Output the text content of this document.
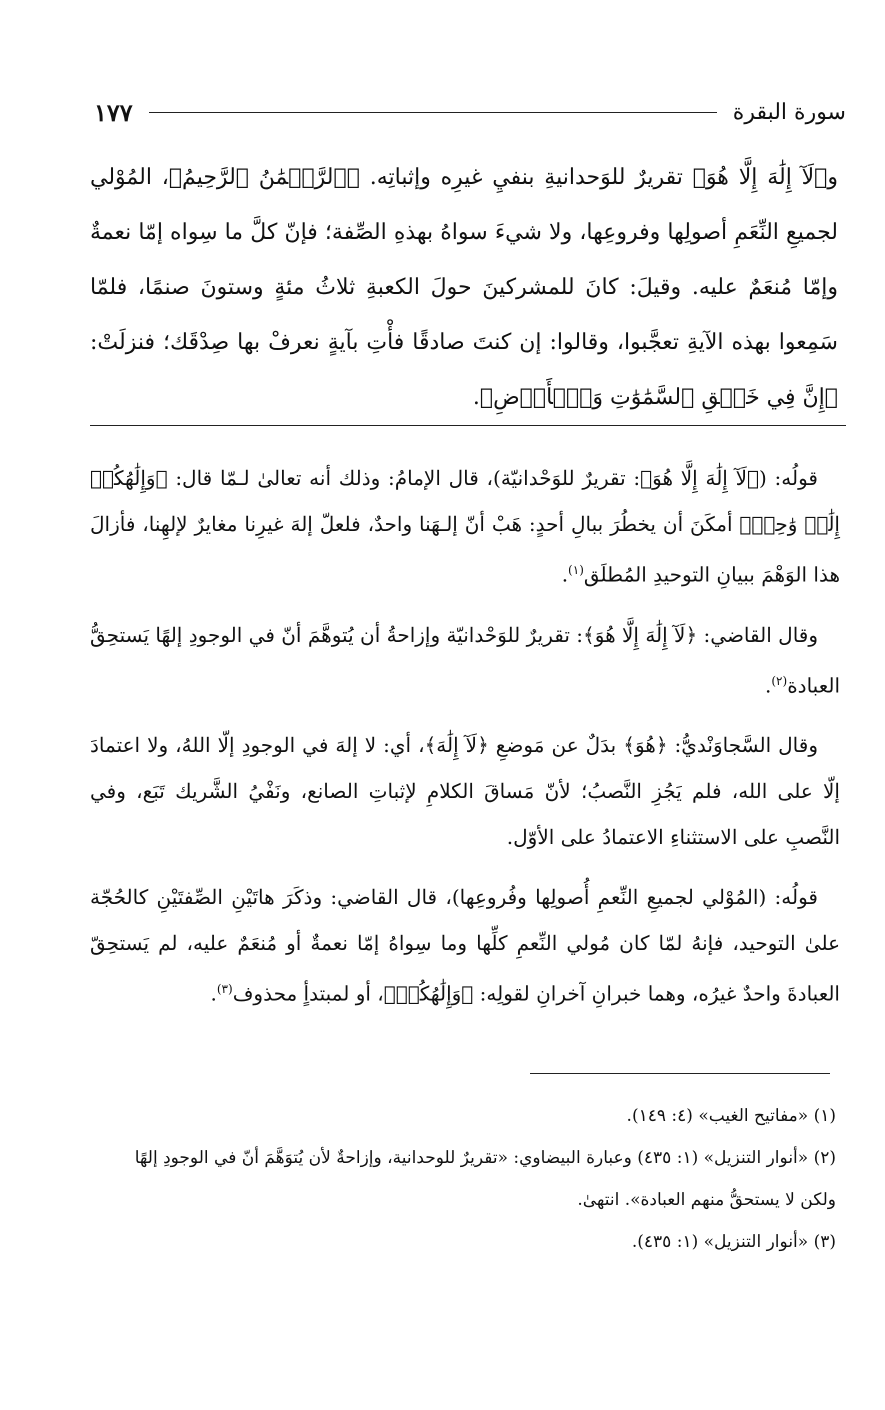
سورة البقرة
١٧٧

و﴿لَآ إِلَٰهَ إِلَّا هُوَ﴾ تقريرٌ للوَحدانيةِ بنفيِ غيرِه وإثباتِه. ﴿ٱلرَّحۡمَٰنُ ٱلرَّحِيمُ﴾، المُوْلي لجميعِ النِّعَمِ أصولِها وفروعِها، ولا شيءَ سواهُ بهذهِ الصِّفة؛ فإنّ كلَّ ما سِواه إمّا نعمةٌ وإمّا مُنعَمٌ عليه. وقيلَ: كانَ للمشركينَ حولَ الكعبةِ ثلاثُ مئةٍ وستونَ صنمًا، فلمّا سَمِعوا بهذه الآيةِ تعجَّبوا، وقالوا: إن كنتَ صادقًا فأْتِ بآيةٍ نعرفْ بها صِدْقَك؛ فنزلَتْ: ﴿إِنَّ فِي خَلۡقِ ٱلسَّمَٰوَٰتِ وَٱلۡأَرۡضِ﴾.

قولُه: (﴿لَآ إِلَٰهَ إِلَّا هُوَ﴾: تقريرٌ للوَحْدانيّة)، قال الإمامُ: وذلك أنه تعالىٰ لـمّا قال: ﴿وَإِلَٰهُكُمۡ إِلَٰهٞ وَٰحِدٞ﴾ أمكَنَ أن يخطُرَ ببالِ أحدٍ: هَبْ أنّ إلـهَنا واحدٌ، فلعلّ إلهَ غيرِنا مغايرٌ لإلهِنا، فأزالَ هذا الوَهْمَ ببيانِ التوحيدِ المُطلَق$^{(١)}$.

وقال القاضي: ﴿لَآ إِلَٰهَ إِلَّا هُوَ﴾: تقريرٌ للوَحْدانيّة وإزاحةُ أن يُتوهَّمَ أنّ في الوجودِ إلهًا يَستحِقُّ العبادة$^{(٢)}$.

وقال السَّجاوَنْديُّ: ﴿هُوَ﴾ بدَلٌ عن مَوضعِ ﴿لَآ إِلَٰهَ﴾، أي: لا إلهَ في الوجودِ إلّا اللهُ، ولا اعتمادَ إلّا على الله، فلم يَجُزِ النَّصبُ؛ لأنّ مَساقَ الكلامِ لإثباتِ الصانع، ونَفْيُ الشَّريك تَبَع، وفي النَّصبِ على الاستثناءِ الاعتمادُ على الأوّل.

قولُه: (المُوْلي لجميعِ النِّعمِ أُصولِها وفُروعِها)، قال القاضي: وذكَرَ هاتَيْنِ الصِّفتَيْنِ كالحُجّة علىٰ التوحيد، فإنهُ لمّا كان مُولي النِّعمِ كلِّها وما سِواهُ إمّا نعمةٌ أو مُنعَمٌ عليه، لم يَستحِقّ العبادةَ واحدٌ غيرُه، وهما خبرانِ آخرانِ لقولِه: ﴿وَإِلَٰهُكُمۡ﴾، أو لمبتدأٍ محذوف$^{(٣)}$.

(١) «مفاتيح الغيب» (٤: ١٤٩).

(٢) «أنوار التنزيل» (١: ٤٣٥) وعبارة البيضاوي: «تقريرٌ للوحدانية، وإزاحةٌ لأن يُتوَهَّمَ أنّ في الوجودِ إلهًا

ولكن لا يستحقُّ منهم العبادة». انتهىٰ.

(٣) «أنوار التنزيل» (١: ٤٣٥).
